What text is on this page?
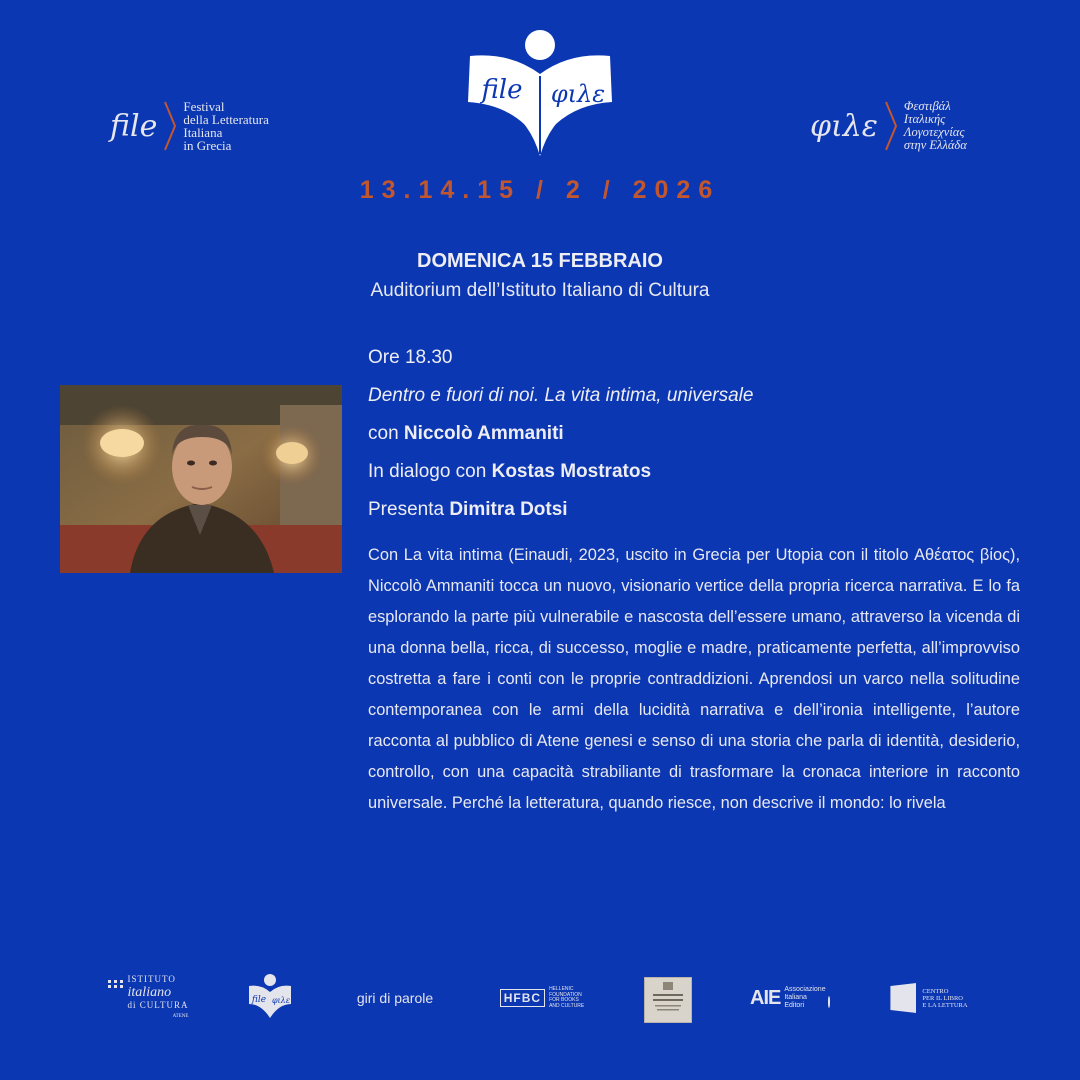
file
Festival
della Letteratura
Italiana
in Grecia
file φιλε
φιλε
Φεστιβάλ
Ιταλικής
Λογοτεχνίας
στην Ελλάδα
13.14.15 / 2 / 2026
DOMENICA 15 FEBBRAIO
Auditorium dell’Istituto Italiano di Cultura
Ore 18.30
Dentro e fuori di noi. La vita intima, universale
con Niccolò Ammaniti
In dialogo con Kostas Mostratos
Presenta Dimitra Dotsi
Con La vita intima (Einaudi, 2023, uscito in Grecia per Utopia con il titolo Αθέατος βίος), Niccolò Ammaniti tocca un nuovo, visionario vertice della propria ricerca narrativa. E lo fa esplorando la parte più vulnerabile e nascosta dell’essere umano, attraverso la vicenda di una donna bella, ricca, di successo, moglie e madre, praticamente perfetta, all’improvviso costretta a fare i conti con le proprie contraddizioni. Aprendosi un varco nella solitudine contemporanea con le armi della lucidità narrativa e dell’ironia intelligente, l’autore racconta al pubblico di Atene genesi e senso di una storia che parla di identità, desiderio, controllo, con una capacità strabiliante di trasformare la cronaca interiore in racconto universale. Perché la letteratura, quando riesce, non descrive il mondo: lo rivela
ISTITUTO
italiano
di CULTURA
ATENE
file φιλε	giri di parole	HFBC
HELLENIC
FOUNDATION
FOR BOOKS
AND CULTURE	AIE Associazione
Italiana
Editori
CENTRO
PER IL LIBRO
E LA LETTURA
